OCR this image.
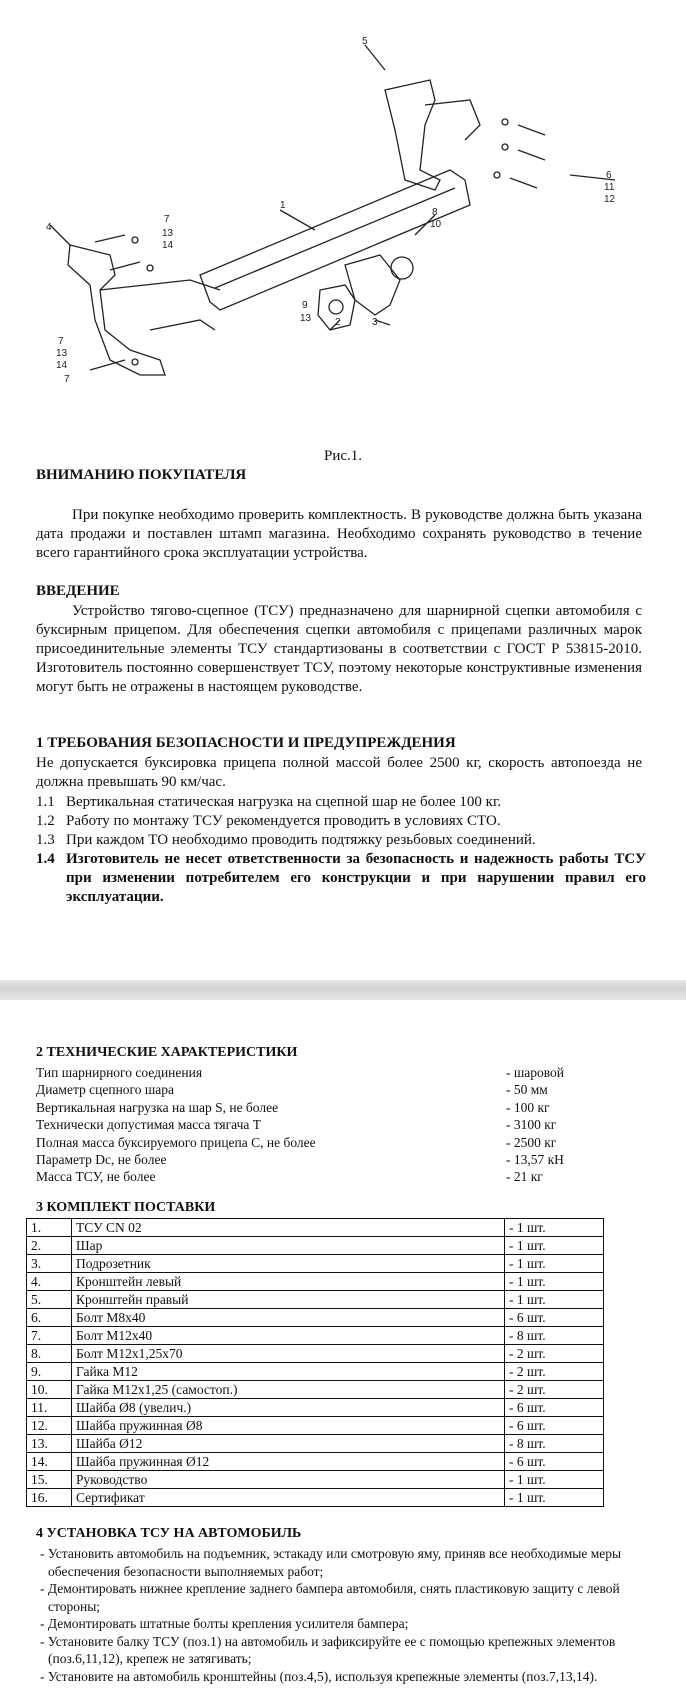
5
6
11
12
1
4
7
13
14
8
10
9
13 2	3
7
13
14
7
Рис.1.
ВНИМАНИЮ ПОКУПАТЕЛЯ
При покупке необходимо проверить комплектность. В руководстве должна быть указана дата продажи и поставлен штамп магазина. Необходимо сохранять руководство в течение всего гарантийного срока эксплуатации устройства.
ВВЕДЕНИЕ
Устройство тягово-сцепное (ТСУ) предназначено для шарнирной сцепки автомобиля с буксирным прицепом. Для обеспечения сцепки автомобиля с прицепами различных марок присоединительные элементы ТСУ стандартизованы в соответствии с ГОСТ Р 53815-2010. Изготовитель постоянно совершенствует ТСУ, поэтому некоторые конструктивные изменения могут быть не отражены в настоящем руководстве.
1 ТРЕБОВАНИЯ БЕЗОПАСНОСТИ И ПРЕДУПРЕЖДЕНИЯ
Не допускается буксировка прицепа полной массой более 2500 кг, скорость автопоезда не должна превышать 90 км/час.
1.1 Вертикальная статическая нагрузка на сцепной шар не более 100 кг.
1.2 Работу по монтажу ТСУ рекомендуется проводить в условиях СТО.
1.3 При каждом ТО необходимо проводить подтяжку резьбовых соединений.
1.4 Изготовитель не несет ответственности за безопасность и надежность работы ТСУ при изменении потребителем его конструкции и при нарушении правил его эксплуатации.
2 ТЕХНИЧЕСКИЕ ХАРАКТЕРИСТИКИ
Тип шарнирного соединения	- шаровой
Диаметр сцепного шара	- 50 мм
Вертикальная нагрузка на шар S, не более	- 100 кг
Технически допустимая масса тягача T	- 3100 кг
Полная масса буксируемого прицепа C, не более	- 2500 кг
Параметр Dc, не более	- 13,57 кН
Масса ТСУ, не более	- 21 кг
3 КОМПЛЕКТ ПОСТАВКИ
1.	ТСУ CN 02	- 1 шт.
2.	Шар	- 1 шт.
3.	Подрозетник	- 1 шт.
4.	Кронштейн левый	- 1 шт.
5.	Кронштейн правый	- 1 шт.
6.	Болт М8х40	- 6 шт.
7.	Болт М12х40	- 8 шт.
8.	Болт М12х1,25х70	- 2 шт.
9.	Гайка М12	- 2 шт.
10.	Гайка М12х1,25 (самостоп.)	- 2 шт.
11.	Шайба Ø8 (увелич.)	- 6 шт.
12.	Шайба пружинная Ø8	- 6 шт.
13.	Шайба Ø12	- 8 шт.
14.	Шайба пружинная Ø12	- 6 шт.
15.	Руководство	- 1 шт.
16.	Сертификат	- 1 шт.
4 УСТАНОВКА ТСУ НА АВТОМОБИЛЬ
- Установить автомобиль на подъемник, эстакаду или смотровую яму, приняв все необходимые меры обеспечения безопасности выполняемых работ;
- Демонтировать нижнее крепление заднего бампера автомобиля, снять пластиковую защиту с левой стороны;
- Демонтировать штатные болты крепления усилителя бампера;
- Установите балку ТСУ (поз.1) на автомобиль и зафиксируйте ее с помощью крепежных элементов (поз.6,11,12), крепеж не затягивать;
- Установите на автомобиль кронштейны (поз.4,5), используя крепежные элементы (поз.7,13,14).
